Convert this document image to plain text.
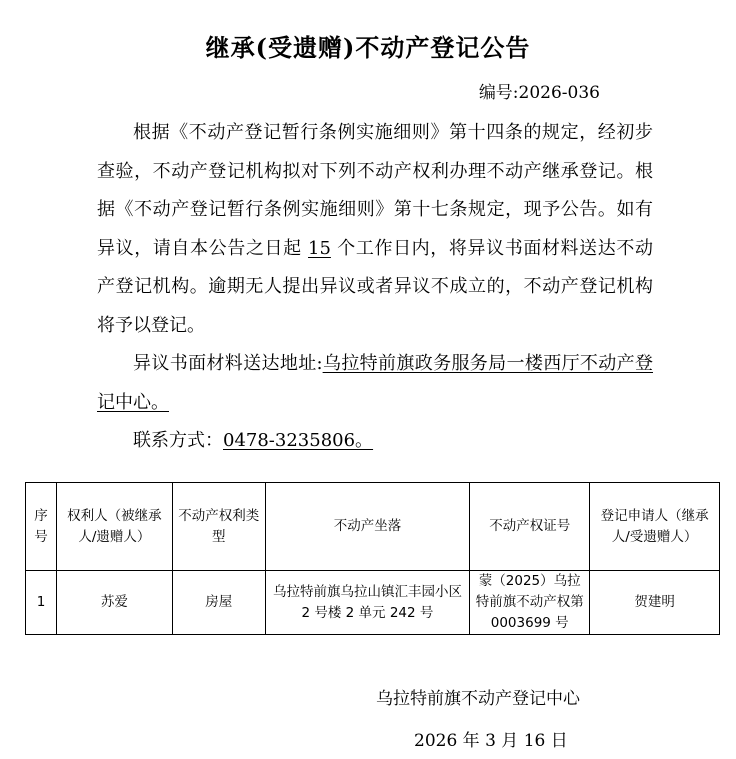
继承(受遗赠)不动产登记公告
编号:2026-036

根据《不动产登记暂行条例实施细则》第十四条的规定，经初步查验，不动产登记机构拟对下列不动产权利办理不动产继承登记。根据《不动产登记暂行条例实施细则》第十七条规定，现予公告。如有异议，请自本公告之日起 15 个工作日内，将异议书面材料送达不动产登记机构。逾期无人提出异议或者异议不成立的，不动产登记机构将予以登记。

异议书面材料送达地址:乌拉特前旗政务服务局一楼西厅不动产登记中心。

联系方式：0478-3235806。

序号	权利人（被继承人/遗赠人）	不动产权利类型	不动产坐落	不动产权证号	登记申请人（继承人/受遗赠人）
1	苏爱	房屋	乌拉特前旗乌拉山镇汇丰园小区 2 号楼 2 单元 242 号	蒙（2025）乌拉特前旗不动产权第 0003699 号	贺建明
乌拉特前旗不动产登记中心
2026 年 3 月 16 日
